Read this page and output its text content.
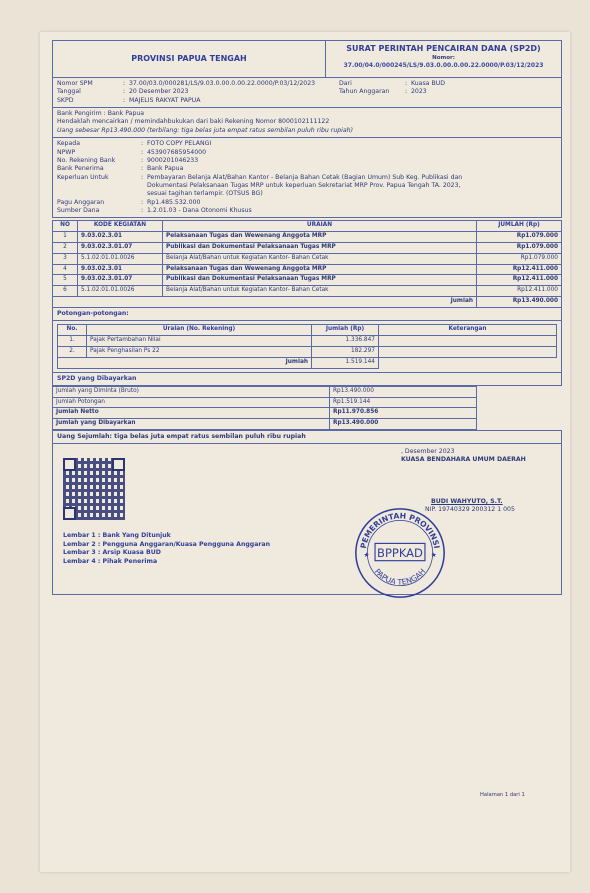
PROVINSI PAPUA TENGAH
SURAT PERINTAH PENCAIRAN DANA (SP2D)
Nomor:
37.00/04.0/000245/LS/9.03.0.00.0.00.22.0000/P.03/12/2023
Nomor SPM	: 37.00/03.0/000281/LS/9.03.0.00.0.00.22.0000/P.03/12/2023
Tanggal	: 20 Desember 2023
SKPD	: MAJELIS RAKYAT PAPUA
Dari	: Kuasa BUD
Tahun Anggaran	: 2023
Bank Pengirim : Bank Papua
Hendaklah mencairkan / memindahbukukan dari baki Rekening Nomor 8000102111122
Uang sebesar Rp13.490.000 (terbilang: tiga belas juta empat ratus sembilan puluh ribu rupiah)
Kepada	: FOTO COPY PELANGI
NPWP	: 453907685954000
No. Rekening Bank	: 9000201046233
Bank Penerima	: Bank Papua
Keperluan Untuk	: Pembayaran Belanja Alat/Bahan Kantor - Belanja Bahan Cetak (Bagian Umum) Sub Keg. Publikasi dan Dokumentasi Pelaksanaan Tugas MRP untuk keperluan Sekretariat MRP Prov. Papua Tengah TA. 2023, sesuai tagihan terlampir. (OTSUS BG)
Pagu Anggaran	: Rp1.485.532.000
Sumber Dana	: 1.2.01.03 - Dana Otonomi Khusus
NO	KODE KEGIATAN	URAIAN	JUMLAH (Rp)
1	9.03.02.3.01	Pelaksanaan Tugas dan Wewenang Anggota MRP	Rp1.079.000
2	9.03.02.3.01.07	Publikasi dan Dokumentasi Pelaksanaan Tugas MRP	Rp1.079.000
3	5.1.02.01.01.0026	Belanja Alat/Bahan untuk Kegiatan Kantor- Bahan Cetak	Rp1.079.000
4	9.03.02.3.01	Pelaksanaan Tugas dan Wewenang Anggota MRP	Rp12.411.000
5	9.03.02.3.01.07	Publikasi dan Dokumentasi Pelaksanaan Tugas MRP	Rp12.411.000
6	5.1.02.01.01.0026	Belanja Alat/Bahan untuk Kegiatan Kantor- Bahan Cetak	Rp12.411.000
Jumlah			Rp13.490.000
Potongan-potongan:
No.	Uraian (No. Rekening)	Jumlah (Rp)	Keterangan
1.	Pajak Pertambahan Nilai	1.336.847	
2.	Pajak Penghasilan Ps 22	182.297	
Jumlah		1.519.144	
SP2D yang Dibayarkan
Jumlah yang Diminta (Bruto)	Rp13.490.000	
Jumlah Potongan	Rp1.519.144	
Jumlah Netto	Rp11.970.856	
Jumlah yang Dibayarkan	Rp13.490.000	
Uang Sejumlah: tiga belas juta empat ratus sembilan puluh ribu rupiah
, Desember 2023
KUASA BENDAHARA UMUM DAERAH
BUDI WAHYUTO, S.T.
NIP. 19740329 200312 1 005
Lembar 1 : Bank Yang Ditunjuk
Lembar 2 : Pengguna Anggaran/Kuasa Pengguna Anggaran
Lembar 3 : Arsip Kuasa BUD
Lembar 4 : Pihak Penerima
PEMERINTAH PROVINSI
BPPKAD
PAPUA TENGAH
★	★
Halaman 1 dari 1
